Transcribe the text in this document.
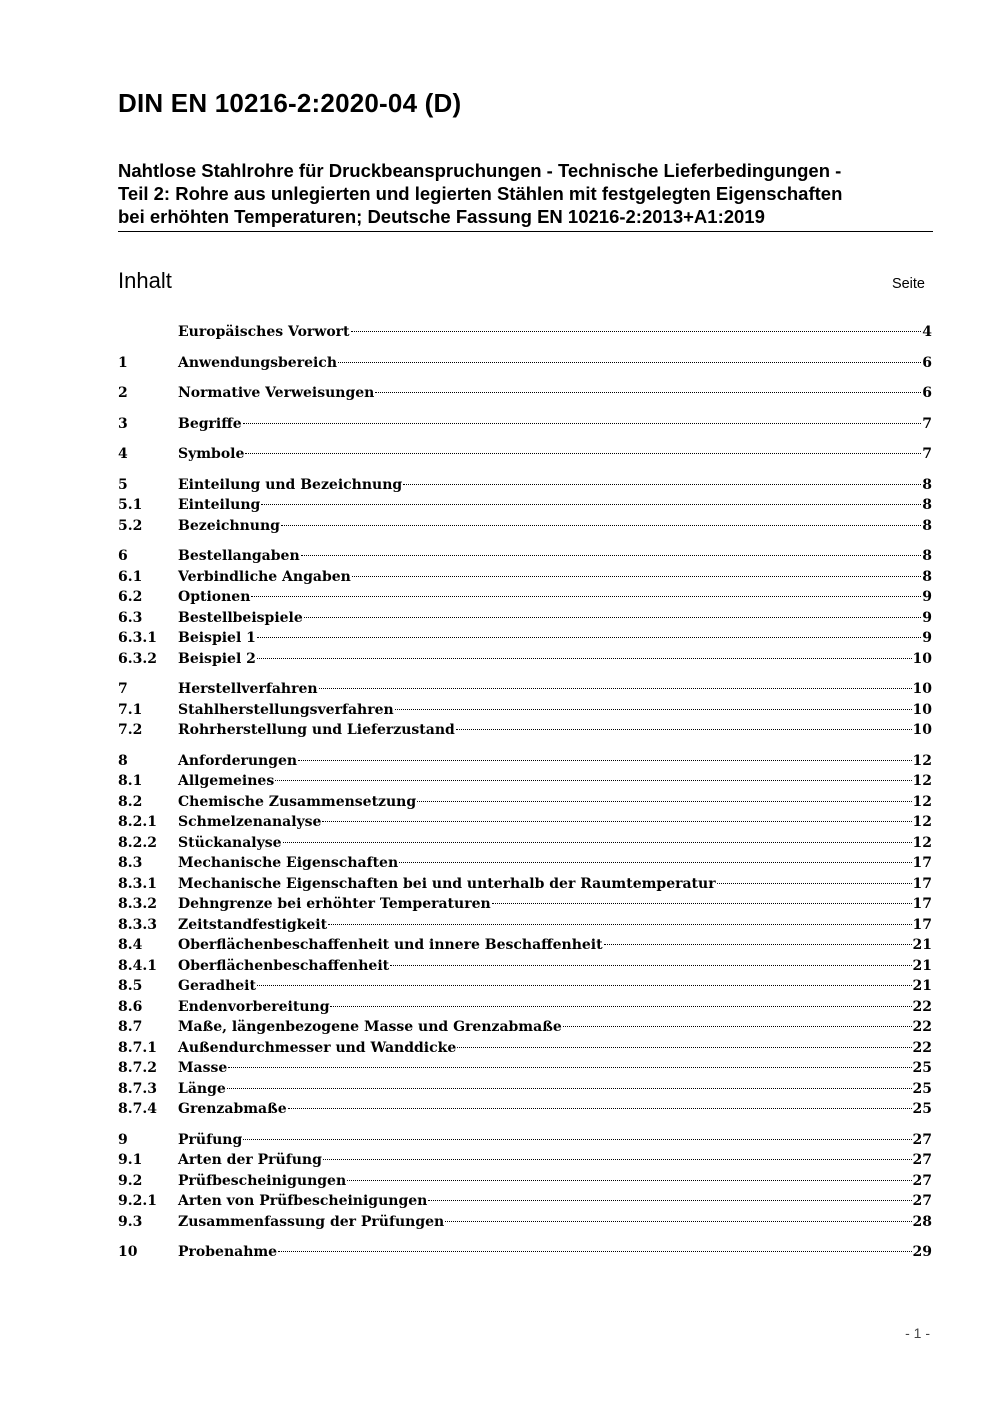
DIN EN 10216-2:2020-04 (D)
Nahtlose Stahlrohre für Druckbeanspruchungen - Technische Lieferbedingungen -
Teil 2: Rohre aus unlegierten und legierten Stählen mit festgelegten Eigenschaften
bei erhöhten Temperaturen; Deutsche Fassung EN 10216-2:2013+A1:2019
Inhalt	Seite
Europäisches Vorwort	4
1	Anwendungsbereich	6
2	Normative Verweisungen	6
3	Begriffe	7
4	Symbole	7
5	Einteilung und Bezeichnung	8
5.1	Einteilung	8
5.2	Bezeichnung	8
6	Bestellangaben	8
6.1	Verbindliche Angaben	8
6.2	Optionen	9
6.3	Bestellbeispiele	9
6.3.1	Beispiel 1	9
6.3.2	Beispiel 2	10
7	Herstellverfahren	10
7.1	Stahlherstellungsverfahren	10
7.2	Rohrherstellung und Lieferzustand	10
8	Anforderungen	12
8.1	Allgemeines	12
8.2	Chemische Zusammensetzung	12
8.2.1	Schmelzenanalyse	12
8.2.2	Stückanalyse	12
8.3	Mechanische Eigenschaften	17
8.3.1	Mechanische Eigenschaften bei und unterhalb der Raumtemperatur	17
8.3.2	Dehngrenze bei erhöhter Temperaturen	17
8.3.3	Zeitstandfestigkeit	17
8.4	Oberflächenbeschaffenheit und innere Beschaffenheit	21
8.4.1	Oberflächenbeschaffenheit	21
8.5	Geradheit	21
8.6	Endenvorbereitung	22
8.7	Maße, längenbezogene Masse und Grenzabmaße	22
8.7.1	Außendurchmesser und Wanddicke	22
8.7.2	Masse	25
8.7.3	Länge	25
8.7.4	Grenzabmaße	25
9	Prüfung	27
9.1	Arten der Prüfung	27
9.2	Prüfbescheinigungen	27
9.2.1	Arten von Prüfbescheinigungen	27
9.3	Zusammenfassung der Prüfungen	28
10	Probenahme	29
- 1 -
